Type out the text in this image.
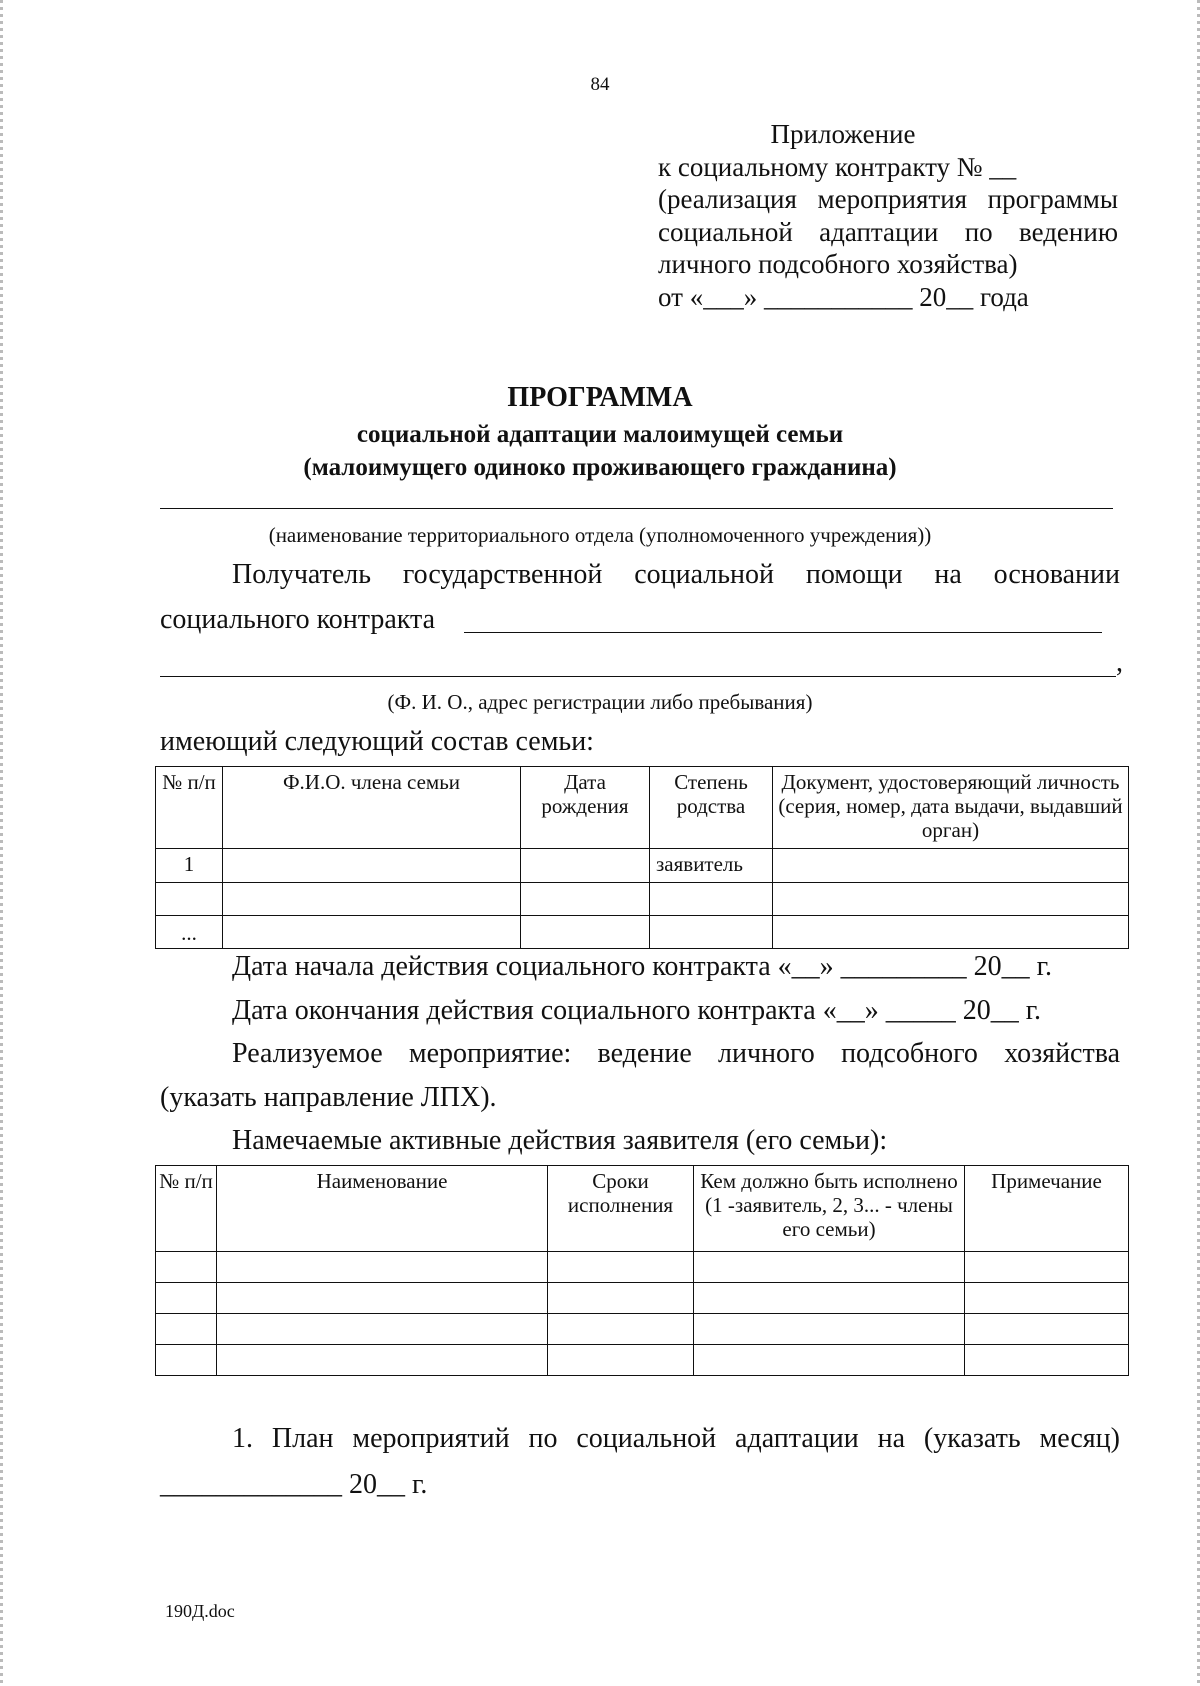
84
Приложение
к социальному контракту № __
(реализация мероприятия программы
социальной адаптации по ведению
личного подсобного хозяйства)
от «___» ___________ 20__ года
ПРОГРАММА
социальной адаптации малоимущей семьи
(малоимущего одиноко проживающего гражданина)
(наименование территориального отдела (уполномоченного учреждения))
Получатель государственной социальной помощи на основании
социального контракта
,
(Ф. И. О., адрес регистрации либо пребывания)
имеющий следующий состав семьи:
№ п/п	Ф.И.О. члена семьи	Дата рождения	Степень родства	Документ, удостоверяющий личность (серия, номер, дата выдачи, выдавший орган)
1			заявитель	

...				
Дата начала действия социального контракта «__» _________ 20__ г.
Дата окончания действия социального контракта «__» _____ 20__ г.
Реализуемое мероприятие: ведение личного подсобного хозяйства
(указать направление ЛПХ).
Намечаемые активные действия заявителя (его семьи):
№ п/п	Наименование	Сроки исполнения	Кем должно быть исполнено (1 -заявитель, 2, 3... - члены его семьи)	Примечание

1. План мероприятий по социальной адаптации на (указать месяц)
_____________ 20__ г.
190Д.doc
